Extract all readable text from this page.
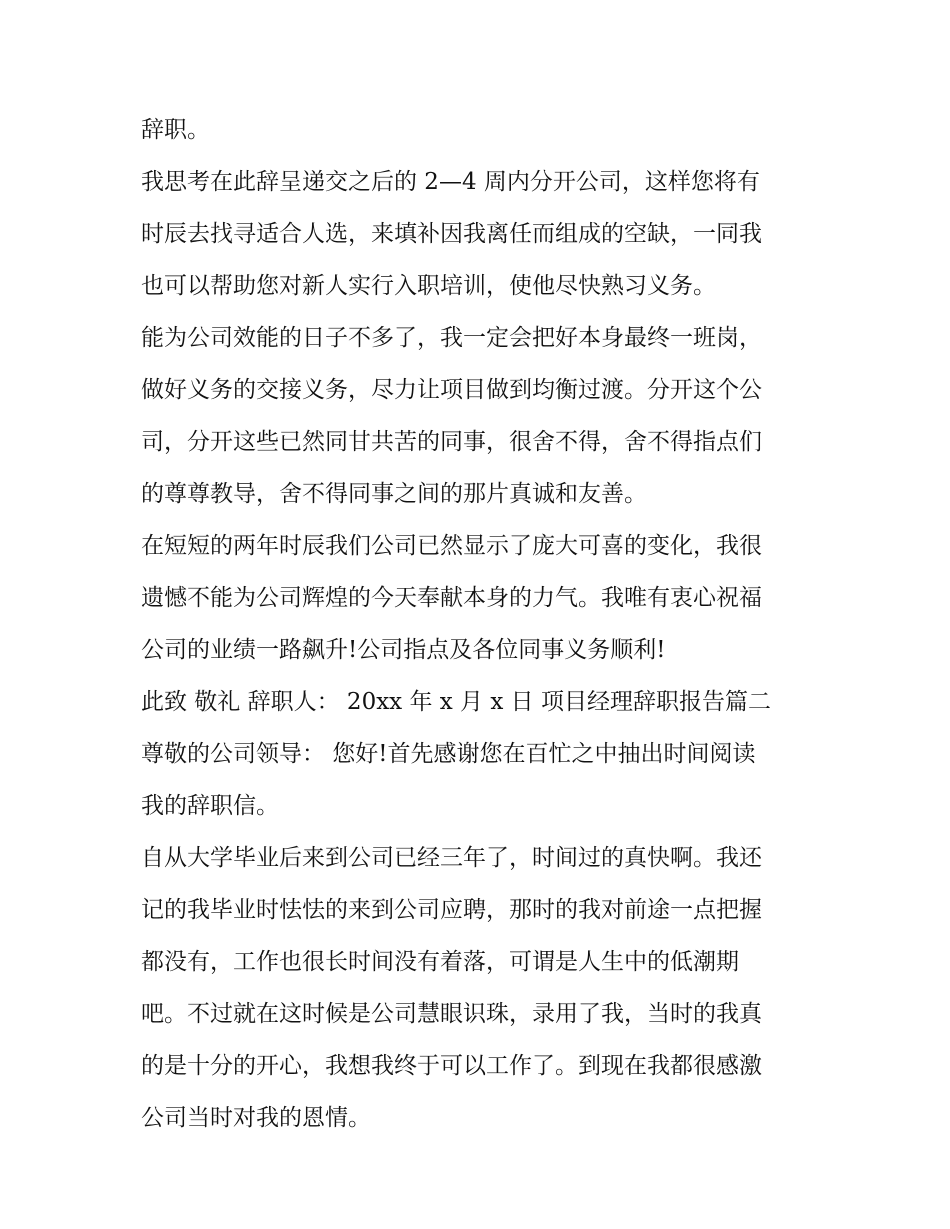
辞职。
我思考在此辞呈递交之后的 2—4 周内分开公司，这样您将有
时辰去找寻适合人选，来填补因我离任而组成的空缺，一同我
也可以帮助您对新人实行入职培训，使他尽快熟习义务。
能为公司效能的日子不多了，我一定会把好本身最终一班岗，
做好义务的交接义务，尽力让项目做到均衡过渡。分开这个公
司，分开这些已然同甘共苦的同事，很舍不得，舍不得指点们
的尊尊教导，舍不得同事之间的那片真诚和友善。
在短短的两年时辰我们公司已然显示了庞大可喜的变化，我很
遗憾不能为公司辉煌的今天奉献本身的力气。我唯有衷心祝福
公司的业绩一路飙升!公司指点及各位同事义务顺利!
此致 敬礼 辞职人： 20xx 年 x 月 x 日 项目经理辞职报告篇二
尊敬的公司领导： 您好!首先感谢您在百忙之中抽出时间阅读
我的辞职信。
自从大学毕业后来到公司已经三年了，时间过的真快啊。我还
记的我毕业时怯怯的来到公司应聘，那时的我对前途一点把握
都没有，工作也很长时间没有着落，可谓是人生中的低潮期
吧。不过就在这时候是公司慧眼识珠，录用了我，当时的我真
的是十分的开心，我想我终于可以工作了。到现在我都很感激
公司当时对我的恩情。
